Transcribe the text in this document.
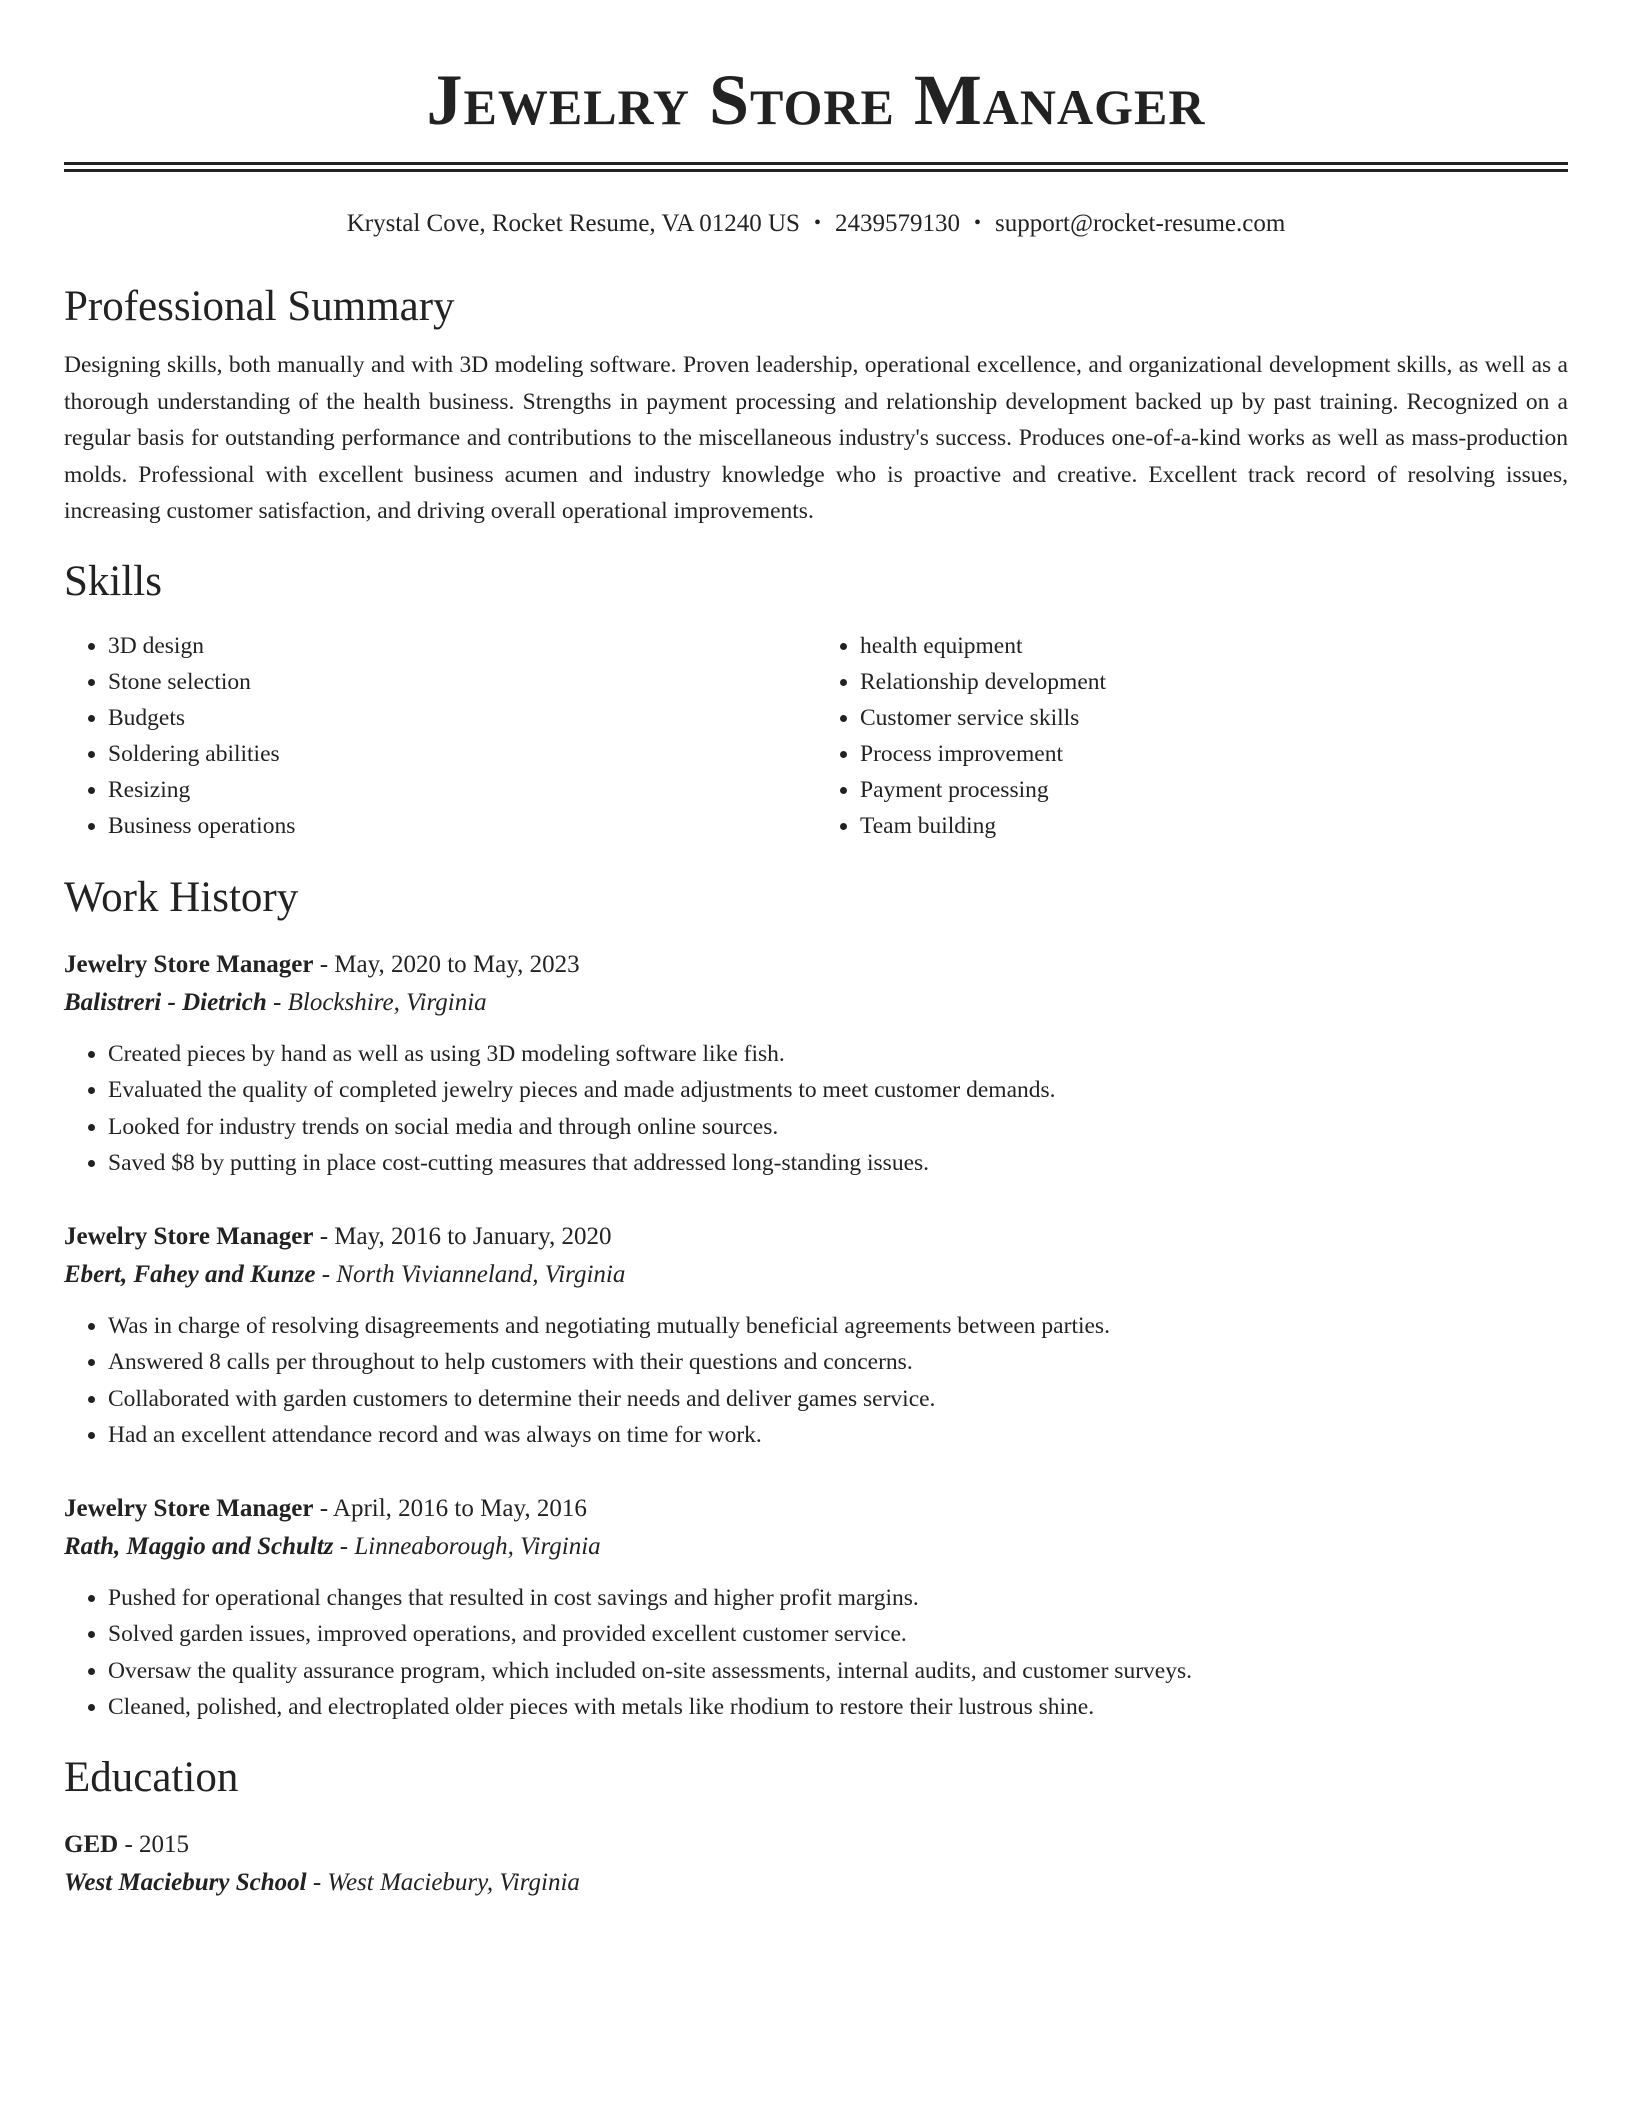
Jewelry Store Manager
Krystal Cove, Rocket Resume, VA 01240 US • 2439579130 • support@rocket-resume.com
Professional Summary
Designing skills, both manually and with 3D modeling software. Proven leadership, operational excellence, and organizational development skills, as well as a thorough understanding of the health business. Strengths in payment processing and relationship development backed up by past training. Recognized on a regular basis for outstanding performance and contributions to the miscellaneous industry's success. Produces one-of-a-kind works as well as mass-production molds. Professional with excellent business acumen and industry knowledge who is proactive and creative. Excellent track record of resolving issues, increasing customer satisfaction, and driving overall operational improvements.
Skills
• 3D design
• Stone selection
• Budgets
• Soldering abilities
• Resizing
• Business operations
• health equipment
• Relationship development
• Customer service skills
• Process improvement
• Payment processing
• Team building
Work History
Jewelry Store Manager - May, 2020 to May, 2023
Balistreri - Dietrich - Blockshire, Virginia
• Created pieces by hand as well as using 3D modeling software like fish.
• Evaluated the quality of completed jewelry pieces and made adjustments to meet customer demands.
• Looked for industry trends on social media and through online sources.
• Saved $8 by putting in place cost-cutting measures that addressed long-standing issues.
Jewelry Store Manager - May, 2016 to January, 2020
Ebert, Fahey and Kunze - North Vivianneland, Virginia
• Was in charge of resolving disagreements and negotiating mutually beneficial agreements between parties.
• Answered 8 calls per throughout to help customers with their questions and concerns.
• Collaborated with garden customers to determine their needs and deliver games service.
• Had an excellent attendance record and was always on time for work.
Jewelry Store Manager - April, 2016 to May, 2016
Rath, Maggio and Schultz - Linneaborough, Virginia
• Pushed for operational changes that resulted in cost savings and higher profit margins.
• Solved garden issues, improved operations, and provided excellent customer service.
• Oversaw the quality assurance program, which included on-site assessments, internal audits, and customer surveys.
• Cleaned, polished, and electroplated older pieces with metals like rhodium to restore their lustrous shine.
Education
GED - 2015
West Maciebury School - West Maciebury, Virginia
